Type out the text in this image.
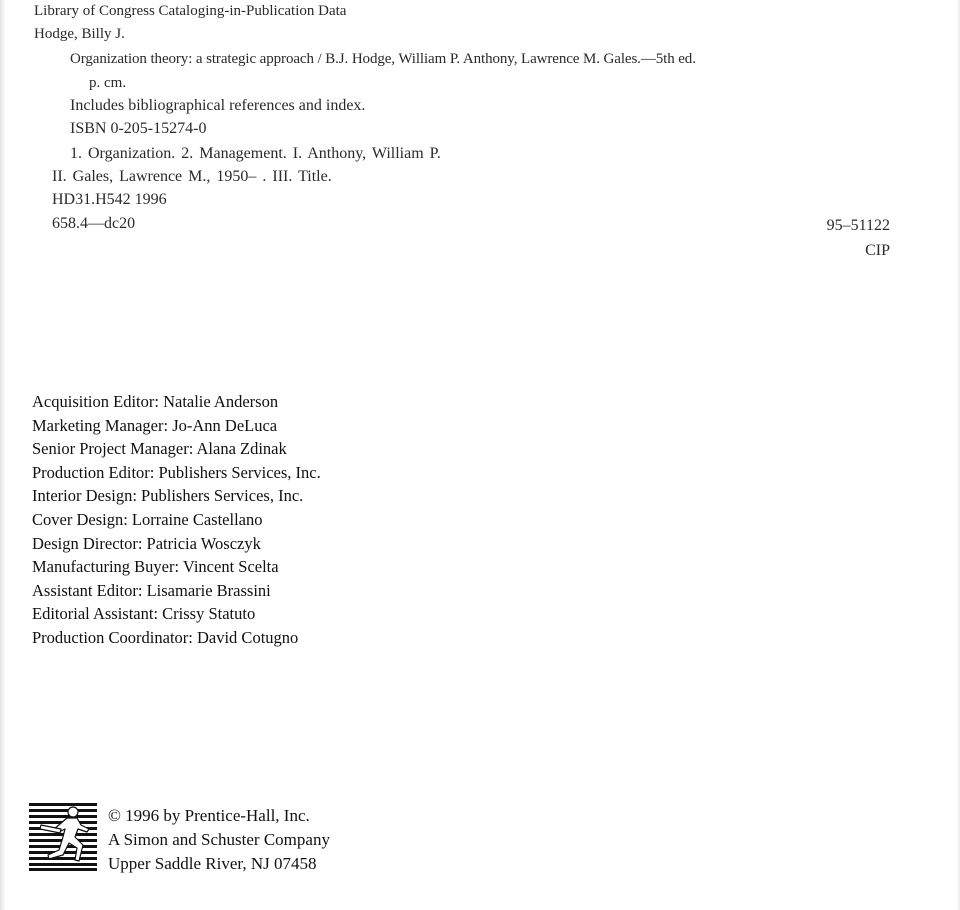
Library of Congress Cataloging-in-Publication Data
Hodge, Billy J.
Organization theory: a strategic approach / B.J. Hodge, William P. Anthony, Lawrence M. Gales.—5th ed.
p. cm.
Includes bibliographical references and index.
ISBN 0-205-15274-0
1. Organization. 2. Management. I. Anthony, William P.
II. Gales, Lawrence M., 1950– . III. Title.
HD31.H542 1996
658.4—dc20	95–51122
CIP
Acquisition Editor: Natalie Anderson
Marketing Manager: Jo-Ann DeLuca
Senior Project Manager: Alana Zdinak
Production Editor: Publishers Services, Inc.
Interior Design: Publishers Services, Inc.
Cover Design: Lorraine Castellano
Design Director: Patricia Wosczyk
Manufacturing Buyer: Vincent Scelta
Assistant Editor: Lisamarie Brassini
Editorial Assistant: Crissy Statuto
Production Coordinator: David Cotugno
© 1996 by Prentice-Hall, Inc.
A Simon and Schuster Company
Upper Saddle River, NJ 07458
